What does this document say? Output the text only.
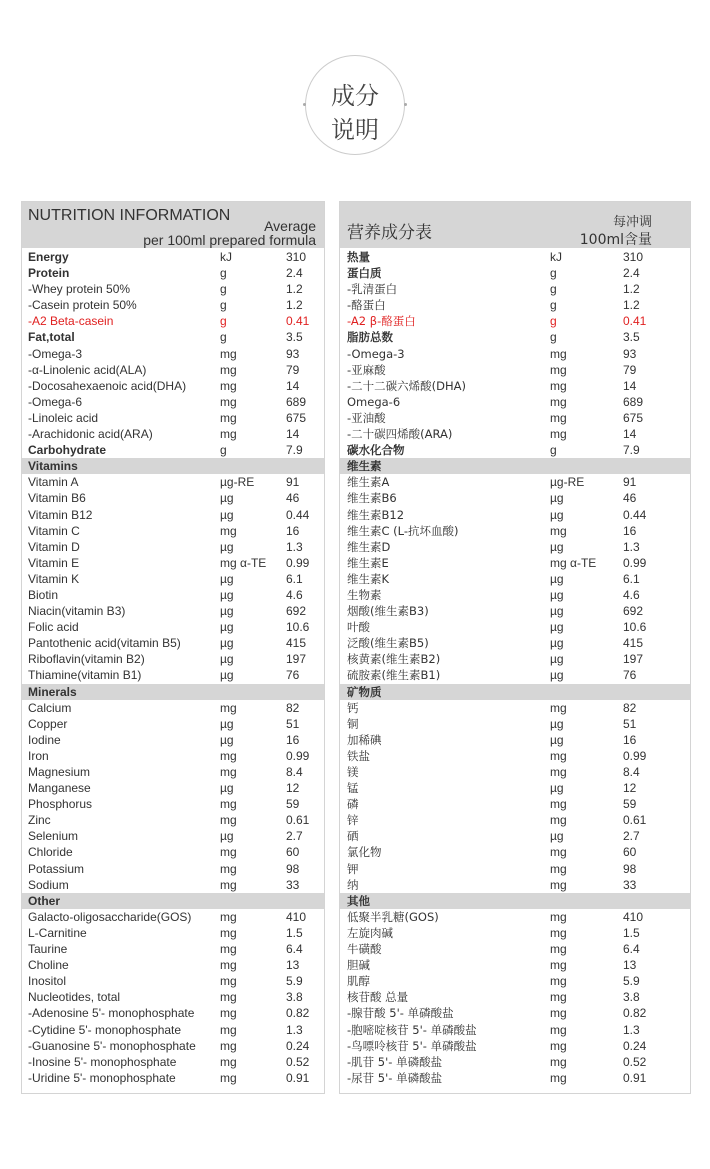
成分
说明
NUTRITION INFORMATION
Average
per 100ml prepared formula
Energy	kJ	310
Protein	g	2.4
-Whey protein 50%	g	1.2
-Casein protein 50%	g	1.2
-A2 Beta-casein	g	0.41
Fat,total	g	3.5
-Omega-3	mg	93
-α-Linolenic acid(ALA)	mg	79
-Docosahexaenoic acid(DHA)	mg	14
-Omega-6	mg	689
-Linoleic acid	mg	675
-Arachidonic acid(ARA)	mg	14
Carbohydrate	g	7.9
Vitamins
Vitamin A	µg-RE	91
Vitamin B6	µg	46
Vitamin B12	µg	0.44
Vitamin C	mg	16
Vitamin D	µg	1.3
Vitamin E	mg α-TE 0.99
Vitamin K	µg	6.1
Biotin	µg	4.6
Niacin(vitamin B3)	µg	692
Folic acid	µg	10.6
Pantothenic acid(vitamin B5)	µg	415
Riboflavin(vitamin B2)	µg	197
Thiamine(vitamin B1)	µg	76
Minerals
Calcium	mg	82
Copper	µg	51
Iodine	µg	16
Iron	mg	0.99
Magnesium	mg	8.4
Manganese	µg	12
Phosphorus	mg	59
Zinc	mg	0.61
Selenium	µg	2.7
Chloride	mg	60
Potassium	mg	98
Sodium	mg	33
Other
Galacto-oligosaccharide(GOS) mg	410
L-Carnitine	mg	1.5
Taurine	mg	6.4
Choline	mg	13
Inositol	mg	5.9
Nucleotides, total	mg	3.8
-Adenosine 5'- monophosphate mg	0.82
-Cytidine 5'- monophosphate	mg	1.3
-Guanosine 5'- monophosphate mg	0.24
-Inosine 5'- monophosphate	mg	0.52
-Uridine 5'- monophosphate	mg	0.91
营养成分表
每冲调
100ml含量
热量	kJ	310
蛋白质	g	2.4
-乳清蛋白	g	1.2
-酪蛋白	g	1.2
-A2 β-酪蛋白	g	0.41
脂肪总数	g	3.5
-Omega-3	mg	93
-亚麻酸	mg	79
-二十二碳六烯酸(DHA)	mg	14
Omega-6	mg	689
-亚油酸	mg	675
-二十碳四烯酸(ARA)	mg	14
碳水化合物	g	7.9
维生素
维生素A	µg-RE	91
维生素B6	µg	46
维生素B12	µg	0.44
维生素C (L-抗坏血酸)	mg	16
维生素D	µg	1.3
维生素E	mg α-TE 0.99
维生素K	µg	6.1
生物素	µg	4.6
烟酸(维生素B3)	µg	692
叶酸	µg	10.6
泛酸(维生素B5)	µg	415
核黄素(维生素B2)	µg	197
硫胺素(维生素B1)	µg	76
矿物质
钙	mg	82
铜	µg	51
加稀碘	µg	16
铁盐	mg	0.99
镁	mg	8.4
锰	µg	12
磷	mg	59
锌	mg	0.61
硒	µg	2.7
氯化物	mg	60
钾	mg	98
纳	mg	33
其他
低聚半乳糖(GOS)	mg	410
左旋肉碱	mg	1.5
牛磺酸	mg	6.4
胆碱	mg	13
肌醇	mg	5.9
核苷酸 总量	mg	3.8
-腺苷酸 5'- 单磷酸盐	mg	0.82
-胞嘧啶核苷 5'- 单磷酸盐	mg	1.3
-鸟嘌呤核苷 5'- 单磷酸盐	mg	0.24
-肌苷 5'- 单磷酸盐	mg	0.52
-尿苷 5'- 单磷酸盐	mg	0.91
